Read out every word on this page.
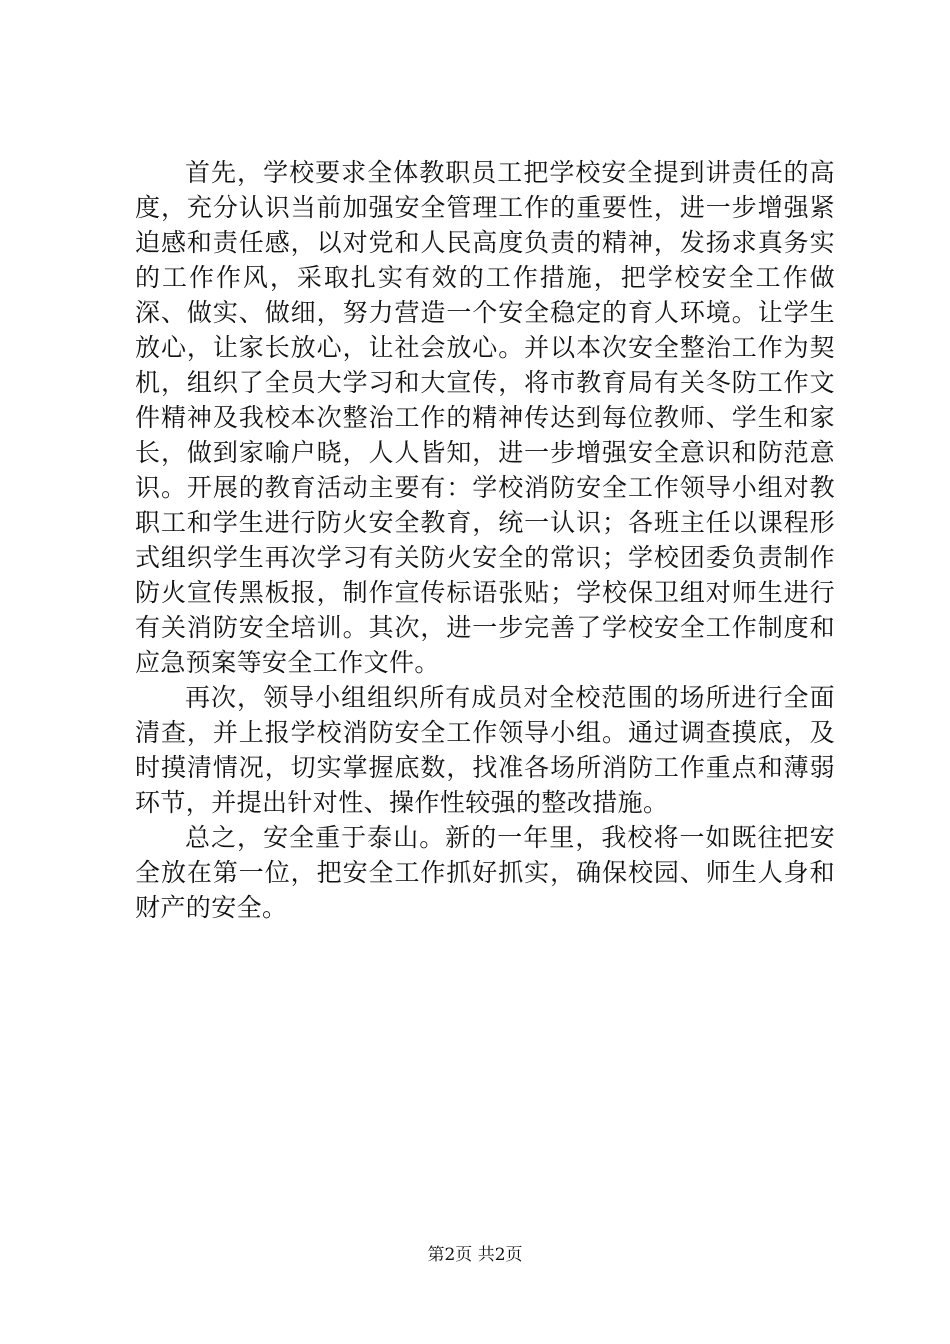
首先，学校要求全体教职员工把学校安全提到讲责任的高度，充分认识当前加强安全管理工作的重要性，进一步增强紧迫感和责任感，以对党和人民高度负责的精神，发扬求真务实的工作作风，采取扎实有效的工作措施，把学校安全工作做深、做实、做细，努力营造一个安全稳定的育人环境。让学生放心，让家长放心，让社会放心。并以本次安全整治工作为契机，组织了全员大学习和大宣传，将市教育局有关冬防工作文件精神及我校本次整治工作的精神传达到每位教师、学生和家长，做到家喻户晓，人人皆知，进一步增强安全意识和防范意识。开展的教育活动主要有：学校消防安全工作领导小组对教职工和学生进行防火安全教育，统一认识；各班主任以课程形式组织学生再次学习有关防火安全的常识；学校团委负责制作防火宣传黑板报，制作宣传标语张贴；学校保卫组对师生进行有关消防安全培训。其次，进一步完善了学校安全工作制度和应急预案等安全工作文件。

再次，领导小组组织所有成员对全校范围的场所进行全面清查，并上报学校消防安全工作领导小组。通过调查摸底，及时摸清情况，切实掌握底数，找准各场所消防工作重点和薄弱环节，并提出针对性、操作性较强的整改措施。

总之，安全重于泰山。新的一年里，我校将一如既往把安全放在第一位，把安全工作抓好抓实，确保校园、师生人身和财产的安全。

第2页 共2页
